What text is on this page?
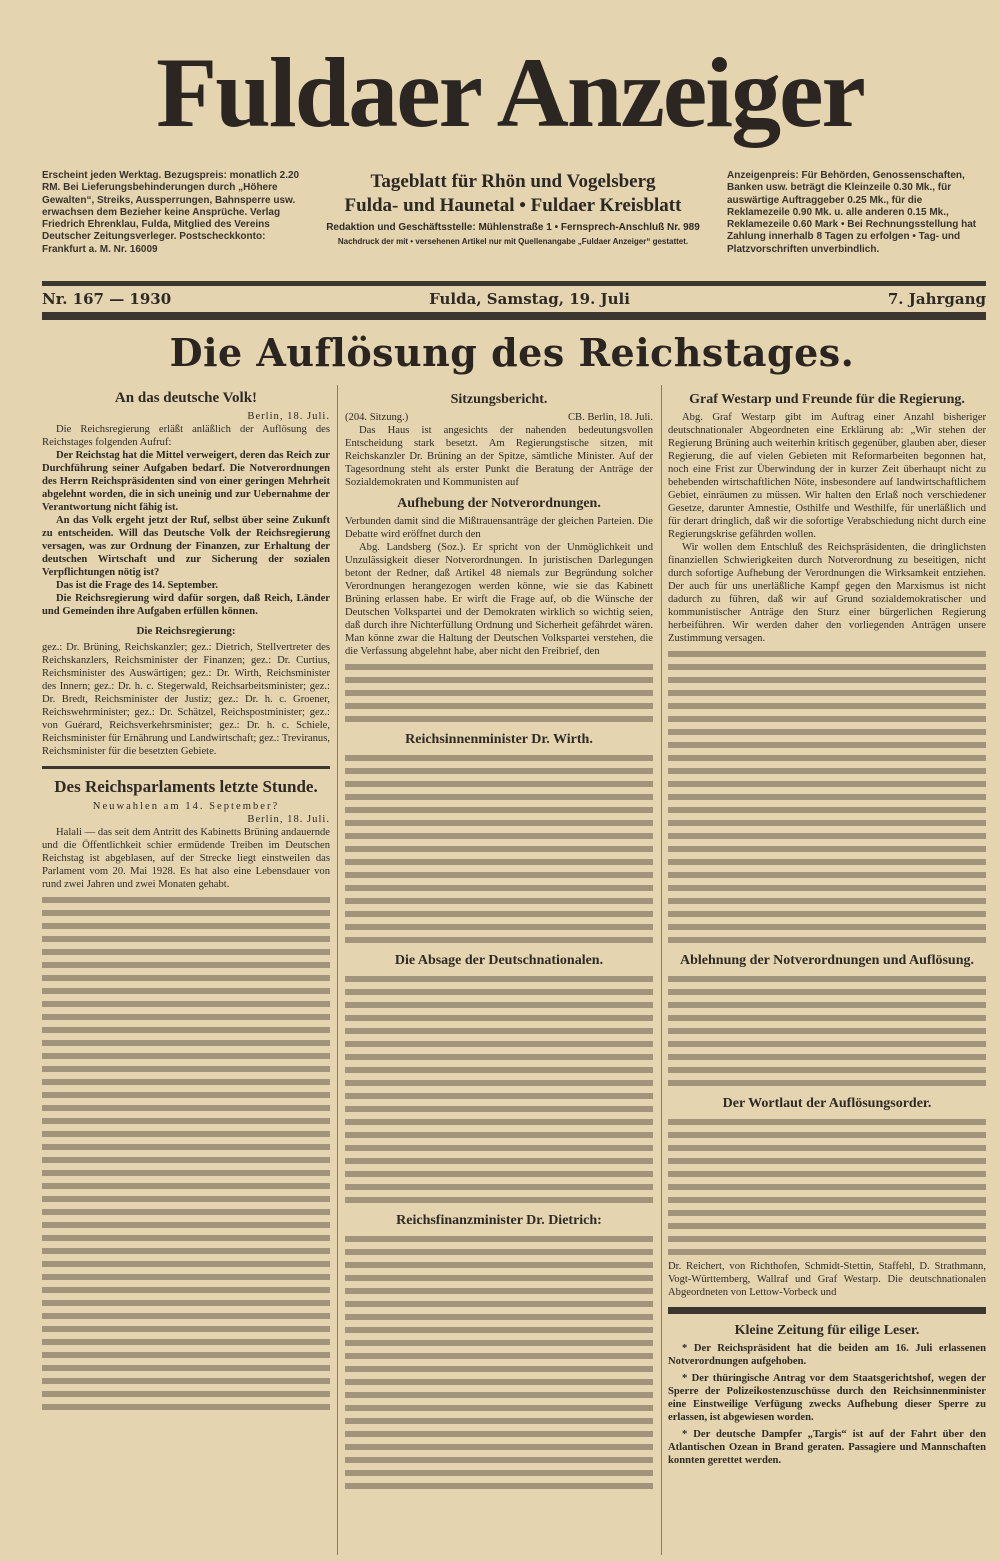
Fuldaer Anzeiger
Erscheint jeden Werktag. Bezugspreis: monatlich 2.20 RM. Bei Lieferungsbehinderungen durch „Höhere Gewalten“, Streiks, Aussperrungen, Bahnsperre usw. erwachsen dem Bezieher keine Ansprüche. Verlag Friedrich Ehrenklau, Fulda, Mitglied des Vereins Deutscher Zeitungsverleger. Postscheckkonto: Frankfurt a. M. Nr. 16009
Tageblatt für Rhön und Vogelsberg
Fulda- und Haunetal • Fuldaer Kreisblatt
Redaktion und Geschäftsstelle: Mühlenstraße 1 • Fernsprech-Anschluß Nr. 989
Nachdruck der mit • versehenen Artikel nur mit Quellenangabe „Fuldaer Anzeiger“ gestattet.
Anzeigenpreis: Für Behörden, Genossenschaften, Banken usw. beträgt die Kleinzeile 0.30 Mk., für auswärtige Auftraggeber 0.25 Mk., für die Reklamezeile 0.90 Mk. u. alle anderen 0.15 Mk., Reklamezeile 0.60 Mark • Bei Rechnungsstellung hat Zahlung innerhalb 8 Tagen zu erfolgen • Tag- und Platzvorschriften unverbindlich.
Nr. 167 — 1930	Fulda, Samstag, 19. Juli	7. Jahrgang
Die Auflösung des Reichstages.
An das deutsche Volk!
Berlin, 18. Juli.

Die Reichsregierung erläßt anläßlich der Auflösung des Reichstages folgenden Aufruf:

Der Reichstag hat die Mittel verweigert, deren das Reich zur Durchführung seiner Aufgaben bedarf. Die Notverordnungen des Herrn Reichspräsidenten sind von einer geringen Mehrheit abgelehnt worden, die in sich uneinig und zur Uebernahme der Verantwortung nicht fähig ist.

An das Volk ergeht jetzt der Ruf, selbst über seine Zukunft zu entscheiden. Will das Deutsche Volk der Reichsregierung versagen, was zur Ordnung der Finanzen, zur Erhaltung der deutschen Wirtschaft und zur Sicherung der sozialen Verpflichtungen nötig ist?

Das ist die Frage des 14. September.

Die Reichsregierung wird dafür sorgen, daß Reich, Länder und Gemeinden ihre Aufgaben erfüllen können.

Die Reichsregierung:

gez.: Dr. Brüning, Reichskanzler; gez.: Dietrich, Stellvertreter des Reichskanzlers, Reichsminister der Finanzen; gez.: Dr. Curtius, Reichsminister des Auswärtigen; gez.: Dr. Wirth, Reichsminister des Innern; gez.: Dr. h. c. Stegerwald, Reichsarbeitsminister; gez.: Dr. Bredt, Reichsminister der Justiz; gez.: Dr. h. c. Groener, Reichswehrminister; gez.: Dr. Schätzel, Reichspostminister; gez.: von Guérard, Reichsverkehrsminister; gez.: Dr. h. c. Schiele, Reichsminister für Ernährung und Landwirtschaft; gez.: Treviranus, Reichsminister für die besetzten Gebiete.

Des Reichsparlaments letzte Stunde.
Neuwahlen am 14. September?
Berlin, 18. Juli.

Halali — das seit dem Antritt des Kabinetts Brüning andauernde und die Öffentlichkeit schier ermüdende Treiben im Deutschen Reichstag ist abgeblasen, auf der Strecke liegt einstweilen das Parlament vom 20. Mai 1928. Es hat also eine Lebensdauer von rund zwei Jahren und zwei Monaten gehabt.

Sitzungsbericht.
(204. Sitzung.)	CB. Berlin, 18. Juli.

Das Haus ist angesichts der nahenden bedeutungsvollen Entscheidung stark besetzt. Am Regierungstische sitzen, mit Reichskanzler Dr. Brüning an der Spitze, sämtliche Minister. Auf der Tagesordnung steht als erster Punkt die Beratung der Anträge der Sozialdemokraten und Kommunisten auf

Aufhebung der Notverordnungen.

Verbunden damit sind die Mißtrauensanträge der gleichen Parteien. Die Debatte wird eröffnet durch den

Abg. Landsberg (Soz.). Er spricht von der Unmöglichkeit und Unzulässigkeit dieser Notverordnungen. In juristischen Darlegungen betont der Redner, daß Artikel 48 niemals zur Begründung solcher Verordnungen herangezogen werden könne, wie sie das Kabinett Brüning erlassen habe. Er wirft die Frage auf, ob die Wünsche der Deutschen Volkspartei und der Demokraten wirklich so wichtig seien, daß durch ihre Nichterfüllung Ordnung und Sicherheit gefährdet wären. Man könne zwar die Haltung der Deutschen Volkspartei verstehen, die die Verfassung abgelehnt habe, aber nicht den Freibrief, den

Reichsinnenminister Dr. Wirth.
Die Absage der Deutschnationalen.
Reichsfinanzminister Dr. Dietrich:
Graf Westarp und Freunde für die Regierung.

Abg. Graf Westarp gibt im Auftrag einer Anzahl bisheriger deutschnationaler Abgeordneten eine Erklärung ab: „Wir stehen der Regierung Brüning auch weiterhin kritisch gegenüber, glauben aber, dieser Regierung, die auf vielen Gebieten mit Reformarbeiten begonnen hat, noch eine Frist zur Überwindung der in kurzer Zeit überhaupt nicht zu behebenden wirtschaftlichen Nöte, insbesondere auf landwirtschaftlichem Gebiet, einräumen zu müssen. Wir halten den Erlaß noch verschiedener Gesetze, darunter Amnestie, Osthilfe und Westhilfe, für unerläßlich und für derart dringlich, daß wir die sofortige Verabschiedung nicht durch eine Regierungskrise gefährden wollen.

Wir wollen dem Entschluß des Reichspräsidenten, die dringlichsten finanziellen Schwierigkeiten durch Notverordnung zu beseitigen, nicht durch sofortige Aufhebung der Verordnungen die Wirksamkeit entziehen. Der auch für uns unerläßliche Kampf gegen den Marxismus ist nicht dadurch zu führen, daß wir auf Grund sozialdemokratischer und kommunistischer Anträge den Sturz einer bürgerlichen Regierung herbeiführen. Wir werden daher den vorliegenden Anträgen unsere Zustimmung versagen.

Ablehnung der Notverordnungen und Auflösung.
Der Wortlaut der Auflösungsorder.

Dr. Reichert, von Richthofen, Schmidt-Stettin, Staffehl, D. Strathmann, Vogt-Württemberg, Wallraf und Graf Westarp. Die deutschnationalen Abgeordneten von Lettow-Vorbeck und

Kleine Zeitung für eilige Leser.

* Der Reichspräsident hat die beiden am 16. Juli erlassenen Notverordnungen aufgehoben.

* Der thüringische Antrag vor dem Staatsgerichtshof, wegen der Sperre der Polizeikostenzuschüsse durch den Reichsinnenminister eine Einstweilige Verfügung zwecks Aufhebung dieser Sperre zu erlassen, ist abgewiesen worden.

* Der deutsche Dampfer „Targis“ ist auf der Fahrt über den Atlantischen Ozean in Brand geraten. Passagiere und Mannschaften konnten gerettet werden.
